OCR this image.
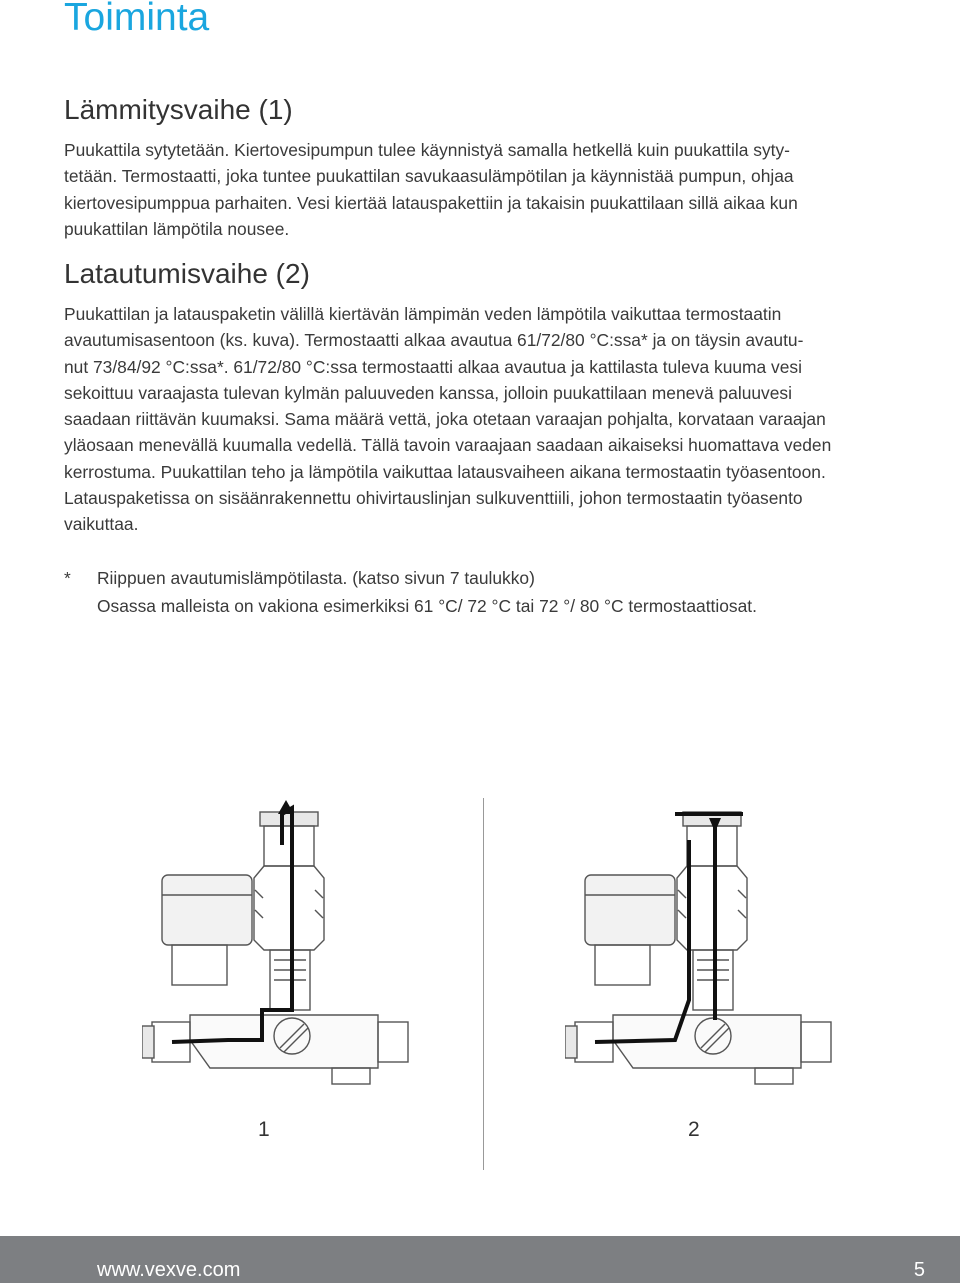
Toiminta
Lämmitysvaihe (1)

Puukattila sytytetään. Kiertovesipumpun tulee käynnistyä samalla hetkellä kuin puukattila syty-
tetään. Termostaatti, joka tuntee puukattilan savukaasulämpötilan ja käynnistää pumpun, ohjaa
kiertovesipumppua parhaiten. Vesi kiertää latauspakettiin ja takaisin puukattilaan sillä aikaa kun
puukattilan lämpötila nousee.

Latautumisvaihe (2)

Puukattilan ja latauspaketin välillä kiertävän lämpimän veden lämpötila vaikuttaa termostaatin
avautumisasentoon (ks. kuva). Termostaatti alkaa avautua 61/72/80 °C:ssa* ja on täysin avautu-
nut 73/84/92 °C:ssa*. 61/72/80 °C:ssa termostaatti alkaa avautua ja kattilasta tuleva kuuma vesi
sekoittuu varaajasta tulevan kylmän paluuveden kanssa, jolloin puukattilaan menevä paluuvesi
saadaan riittävän kuumaksi. Sama määrä vettä, joka otetaan varaajan pohjalta, korvataan varaajan
yläosaan menevällä kuumalla vedellä. Tällä tavoin varaajaan saadaan aikaiseksi huomattava veden
kerrostuma. Puukattilan teho ja lämpötila vaikuttaa latausvaiheen aikana termostaatin työasentoon.
Latauspaketissa on sisäänrakennettu ohivirtauslinjan sulkuventtiili, johon termostaatin työasento
vaikuttaa.

* Riippuen avautumislämpötilasta. (katso sivun 7 taulukko)
Osassa malleista on vakiona esimerkiksi 61 °C/ 72 °C tai 72 °/ 80 °C termostaattiosat.
1	2
www.vexve.com	5
